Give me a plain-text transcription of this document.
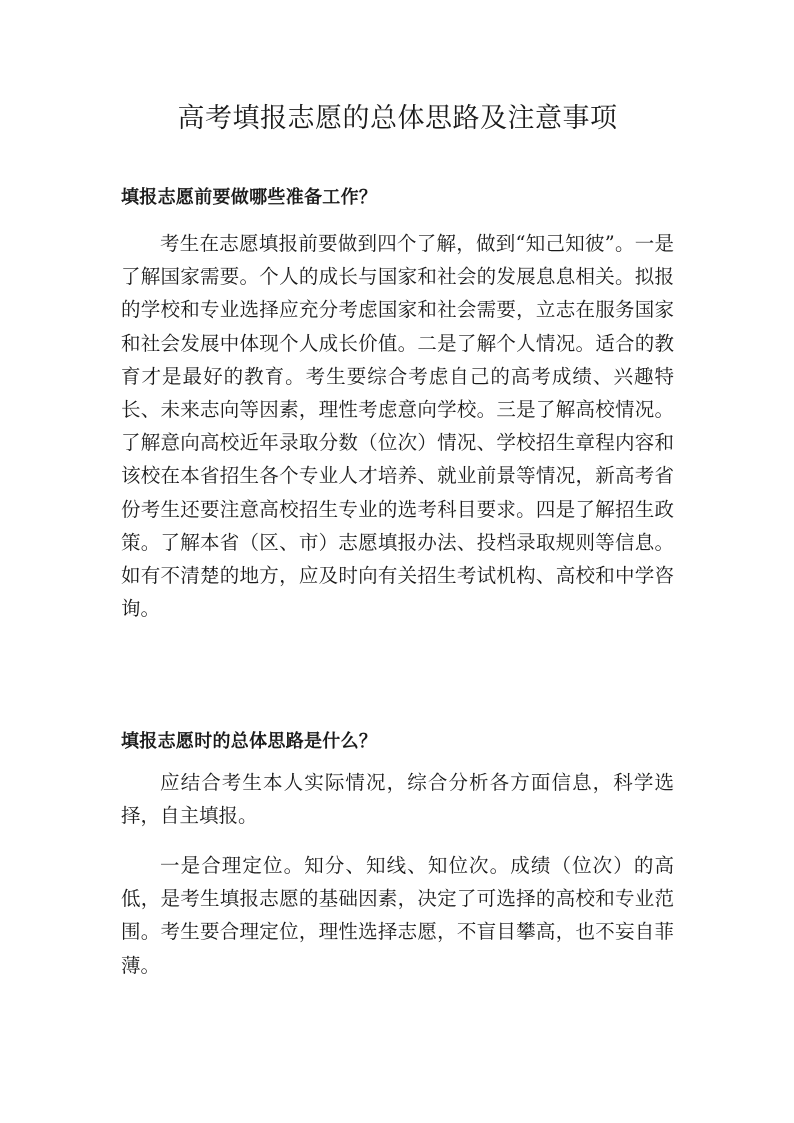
高考填报志愿的总体思路及注意事项
填报志愿前要做哪些准备工作？

考生在志愿填报前要做到四个了解，做到“知己知彼”。一是了解国家需要。个人的成长与国家和社会的发展息息相关。拟报的学校和专业选择应充分考虑国家和社会需要，立志在服务国家和社会发展中体现个人成长价值。二是了解个人情况。适合的教育才是最好的教育。考生要综合考虑自己的高考成绩、兴趣特长、未来志向等因素，理性考虑意向学校。三是了解高校情况。了解意向高校近年录取分数（位次）情况、学校招生章程内容和该校在本省招生各个专业人才培养、就业前景等情况，新高考省份考生还要注意高校招生专业的选考科目要求。四是了解招生政策。了解本省（区、市）志愿填报办法、投档录取规则等信息。如有不清楚的地方，应及时向有关招生考试机构、高校和中学咨询。

填报志愿时的总体思路是什么？

应结合考生本人实际情况，综合分析各方面信息，科学选择，自主填报。

一是合理定位。知分、知线、知位次。成绩（位次）的高低，是考生填报志愿的基础因素，决定了可选择的高校和专业范围。考生要合理定位，理性选择志愿，不盲目攀高，也不妄自菲薄。
